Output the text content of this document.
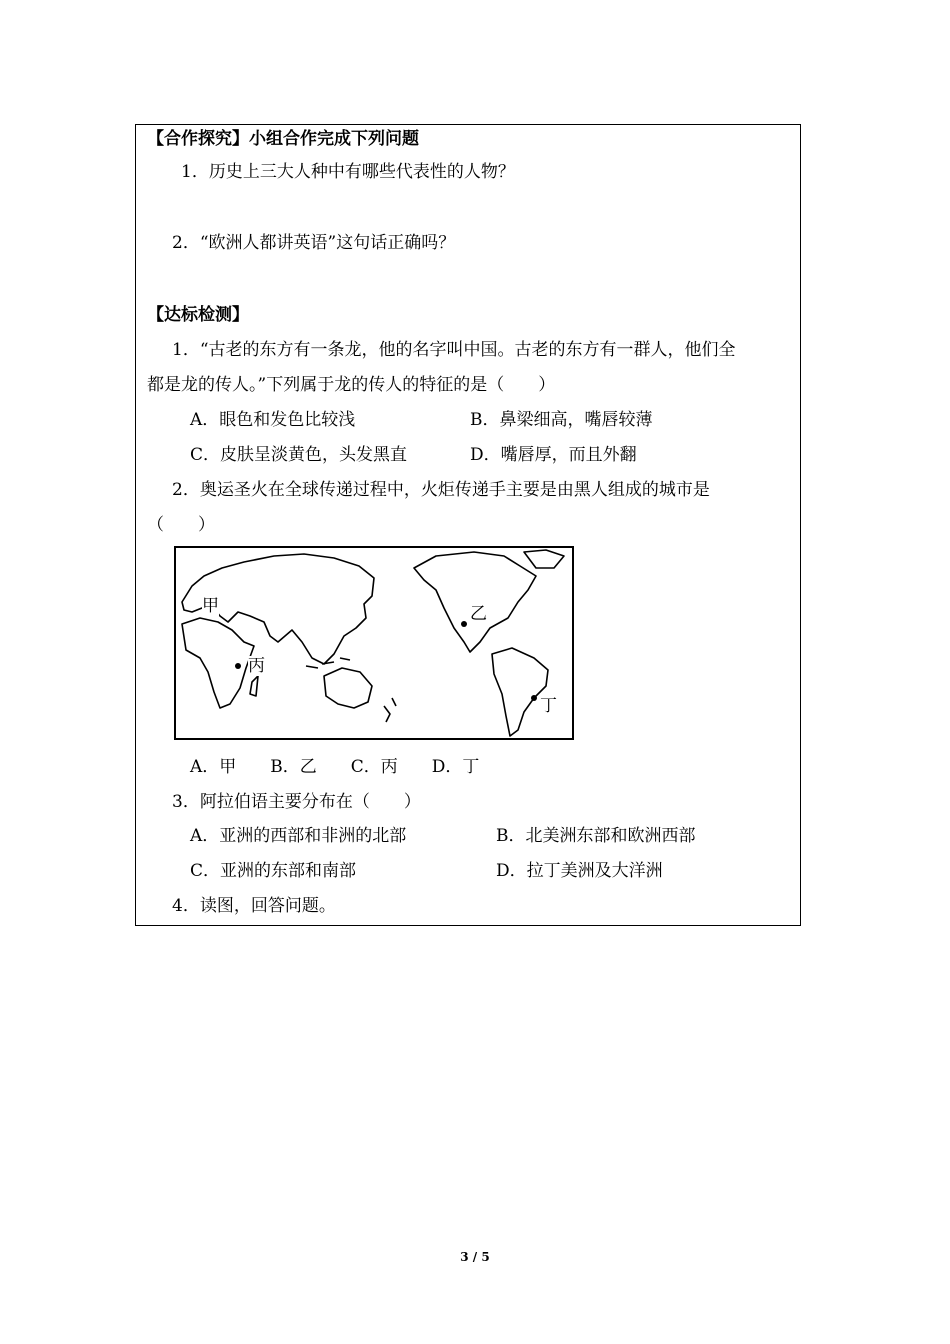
【合作探究】小组合作完成下列问题
1．历史上三大人种中有哪些代表性的人物？
2．“欧洲人都讲英语”这句话正确吗？
【达标检测】
1．“古老的东方有一条龙，他的名字叫中国。古老的东方有一群人，他们全
都是龙的传人。”下列属于龙的传人的特征的是（　　）
A．眼色和发色比较浅	B．鼻梁细高，嘴唇较薄
C．皮肤呈淡黄色，头发黑直	D．嘴唇厚，而且外翻
2．奥运圣火在全球传递过程中，火炬传递手主要是由黑人组成的城市是
（　　）
甲	乙
丙
丁
A．甲　　B．乙　　C．丙　　D．丁
3．阿拉伯语主要分布在（　　）
A．亚洲的西部和非洲的北部	B．北美洲东部和欧洲西部
C．亚洲的东部和南部	D．拉丁美洲及大洋洲
4．读图，回答问题。
3 / 5
